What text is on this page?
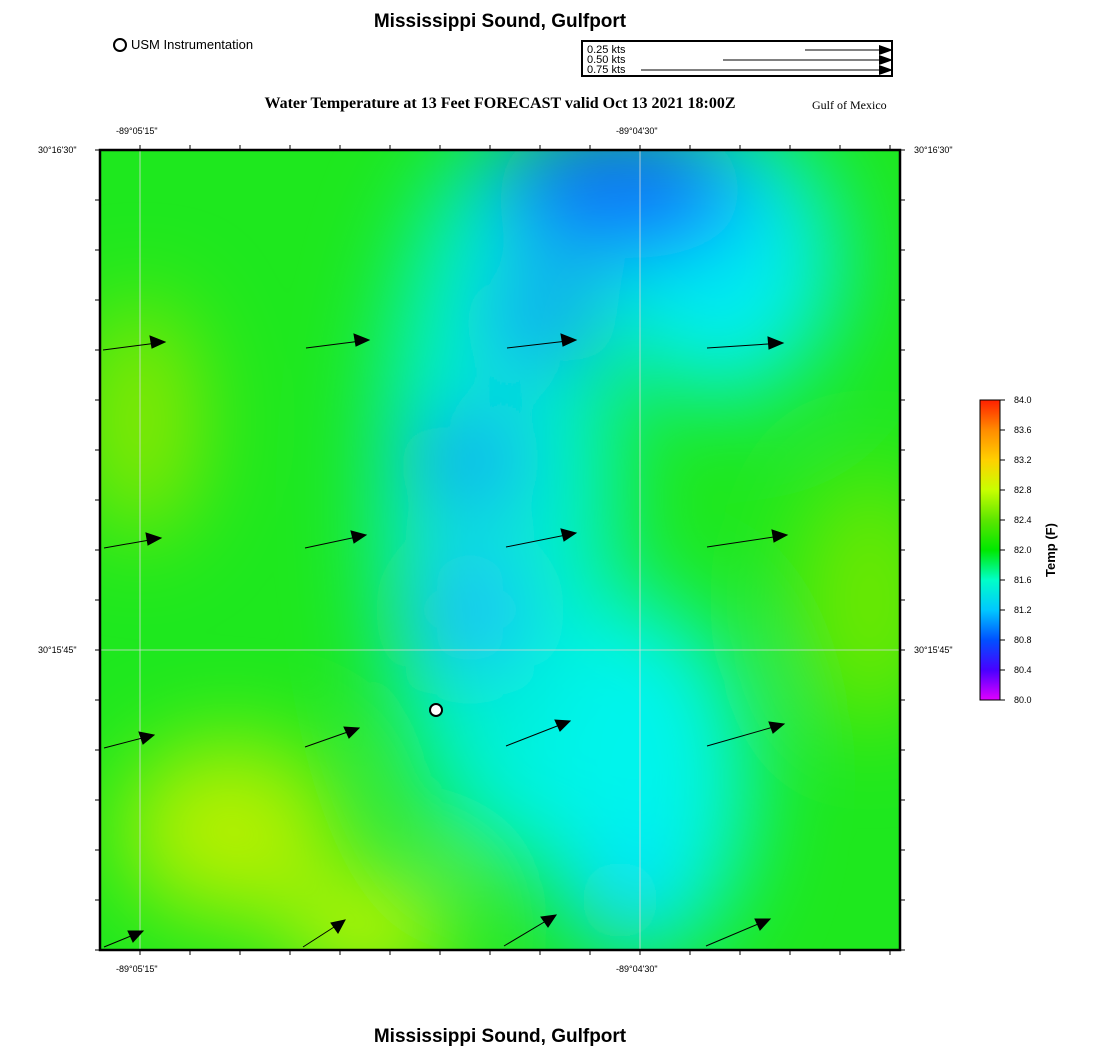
Mississippi Sound, Gulfport
USM Instrumentation	0.25 kts
0.50 kts
0.75 kts
Water Temperature at 13 Feet FORECAST valid Oct 13 2021 18:00Z	Gulf of Mexico
-89°05'15"	-89°04'30"
-89°05'15"	-89°04'30"
30°16'30"
30°15'45"
30°16'30"
30°15'45"
84.0
83.6
83.2
82.8
82.4
82.0
81.6
81.2
80.8
80.4
80.0
Temp (F)
Mississippi Sound, Gulfport
